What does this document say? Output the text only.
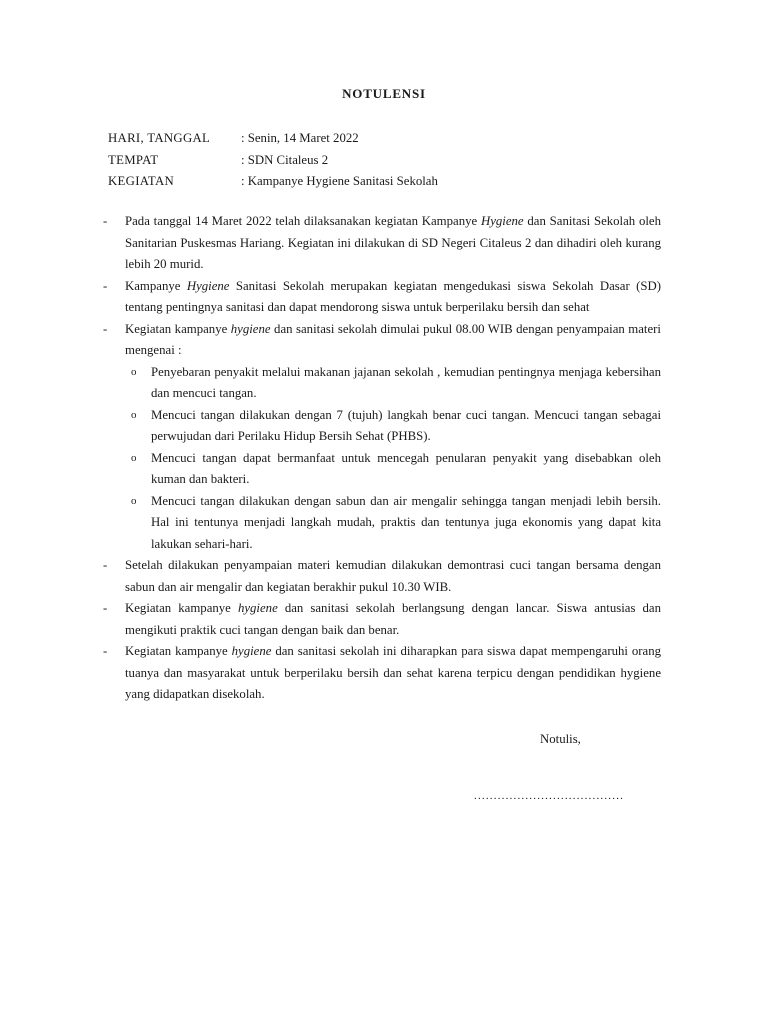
NOTULENSI
HARI, TANGGAL	: Senin, 14 Maret 2022
TEMPAT	: SDN Citaleus 2
KEGIATAN	: Kampanye Hygiene Sanitasi Sekolah
- Pada tanggal 14 Maret 2022 telah dilaksanakan kegiatan Kampanye Hygiene dan Sanitasi Sekolah oleh Sanitarian Puskesmas Hariang. Kegiatan ini dilakukan di SD Negeri Citaleus 2 dan dihadiri oleh kurang lebih 20 murid.
- Kampanye Hygiene Sanitasi Sekolah merupakan kegiatan mengedukasi siswa Sekolah Dasar (SD) tentang pentingnya sanitasi dan dapat mendorong siswa untuk berperilaku bersih dan sehat
- Kegiatan kampanye hygiene dan sanitasi sekolah dimulai pukul 08.00 WIB dengan penyampaian materi mengenai :
o Penyebaran penyakit melalui makanan jajanan sekolah , kemudian pentingnya menjaga kebersihan dan mencuci tangan.
o Mencuci tangan dilakukan dengan 7 (tujuh) langkah benar cuci tangan. Mencuci tangan sebagai perwujudan dari Perilaku Hidup Bersih Sehat (PHBS).
o Mencuci tangan dapat bermanfaat untuk mencegah penularan penyakit yang disebabkan oleh kuman dan bakteri.
o Mencuci tangan dilakukan dengan sabun dan air mengalir sehingga tangan menjadi lebih bersih. Hal ini tentunya menjadi langkah mudah, praktis dan tentunya juga ekonomis yang dapat kita lakukan sehari-hari.
- Setelah dilakukan penyampaian materi kemudian dilakukan demontrasi cuci tangan bersama dengan sabun dan air mengalir dan kegiatan berakhir pukul 10.30 WIB.
- Kegiatan kampanye hygiene dan sanitasi sekolah berlangsung dengan lancar. Siswa antusias dan mengikuti praktik cuci tangan dengan baik dan benar.
- Kegiatan kampanye hygiene dan sanitasi sekolah ini diharapkan para siswa dapat mempengaruhi orang tuanya dan masyarakat untuk berperilaku bersih dan sehat karena terpicu dengan pendidikan hygiene yang didapatkan disekolah.
Notulis,
......................................
